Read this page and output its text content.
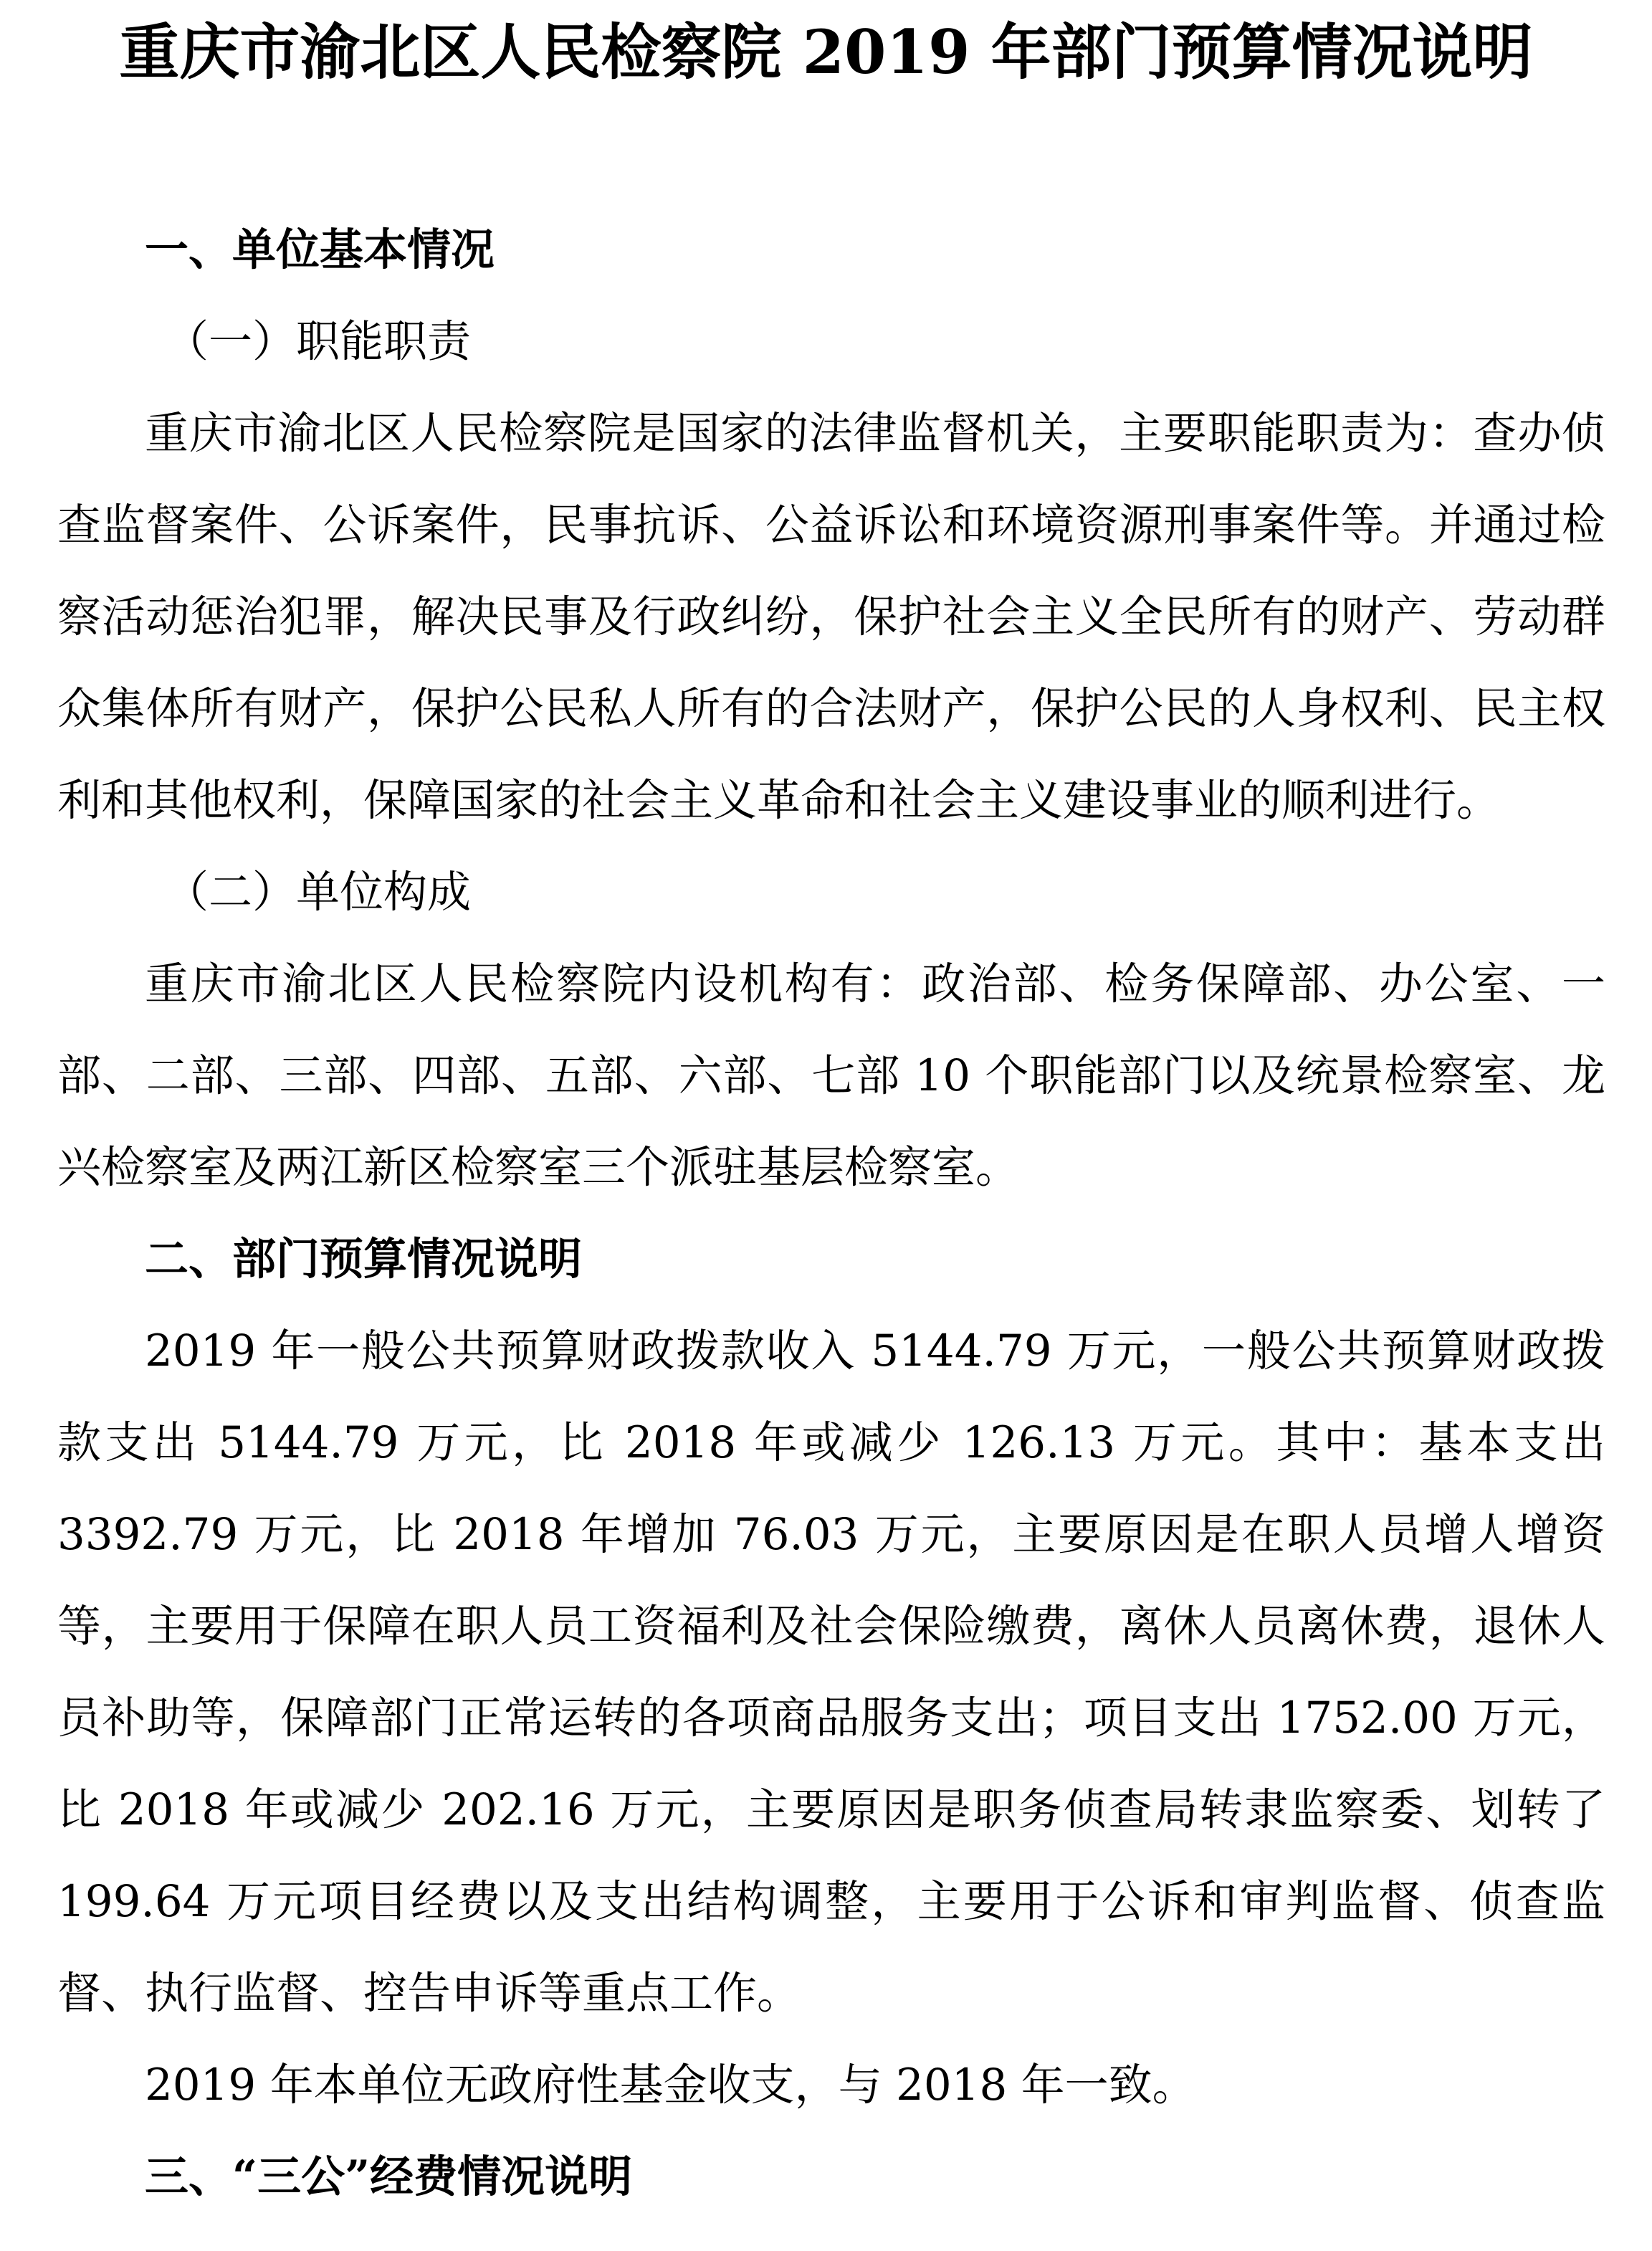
重庆市渝北区人民检察院 2019 年部门预算情况说明

一、单位基本情况

（一）职能职责

重庆市渝北区人民检察院是国家的法律监督机关，主要职能职责为：查办侦查监督案件、公诉案件，民事抗诉、公益诉讼和环境资源刑事案件等。并通过检察活动惩治犯罪，解决民事及行政纠纷，保护社会主义全民所有的财产、劳动群众集体所有财产，保护公民私人所有的合法财产，保护公民的人身权利、民主权利和其他权利，保障国家的社会主义革命和社会主义建设事业的顺利进行。

（二）单位构成

重庆市渝北区人民检察院内设机构有：政治部、检务保障部、办公室、一部、二部、三部、四部、五部、六部、七部 10 个职能部门以及统景检察室、龙兴检察室及两江新区检察室三个派驻基层检察室。

二、部门预算情况说明

2019 年一般公共预算财政拨款收入 5144.79 万元，一般公共预算财政拨款支出 5144.79 万元，比 2018 年或减少 126.13 万元。其中：基本支出 3392.79 万元，比 2018 年增加 76.03 万元，主要原因是在职人员增人增资等，主要用于保障在职人员工资福利及社会保险缴费，离休人员离休费，退休人员补助等，保障部门正常运转的各项商品服务支出；项目支出 1752.00 万元，比 2018 年或减少 202.16 万元，主要原因是职务侦查局转隶监察委、划转了 199.64 万元项目经费以及支出结构调整，主要用于公诉和审判监督、侦查监督、执行监督、控告申诉等重点工作。

2019 年本单位无政府性基金收支，与 2018 年一致。

三、“三公”经费情况说明
